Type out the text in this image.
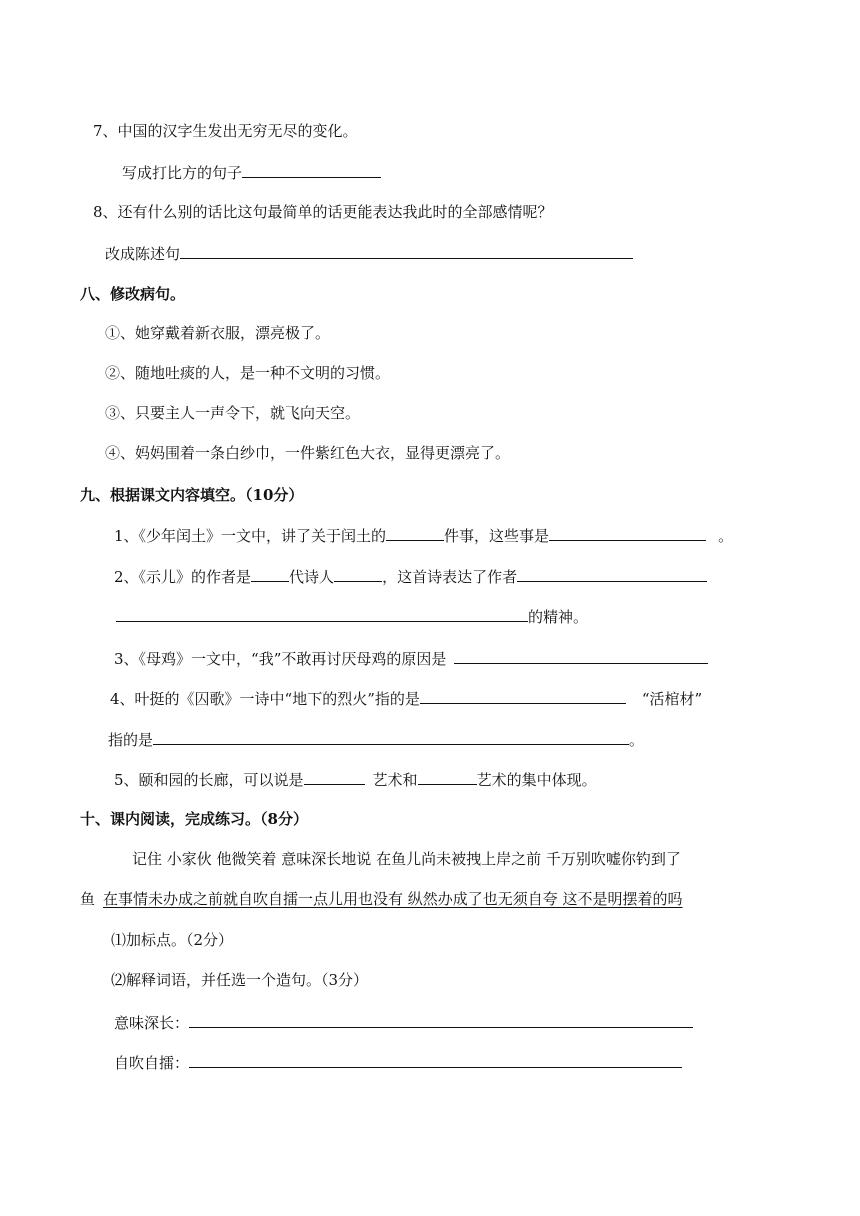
7、中国的汉字生发出无穷无尽的变化。
写成打比方的句子
8、还有什么别的话比这句最简单的话更能表达我此时的全部感情呢？
改成陈述句
八、修改病句。
①、她穿戴着新衣服，漂亮极了。
②、随地吐痰的人，是一种不文明的习惯。
③、只要主人一声令下，就飞向天空。
④、妈妈围着一条白纱巾，一件紫红色大衣，显得更漂亮了。
九、根据课文内容填空。（10分）
1、《少年闰土》一文中，讲了关于闰土的	件事，这些事是	。
2、《示儿》的作者是	代诗人	，这首诗表达了作者
的精神。
3、《母鸡》一文中，“我”不敢再讨厌母鸡的原因是
4、叶挺的《囚歌》一诗中“地下的烈火”指的是	“活棺材”
指的是	。
5、颐和园的长廊，可以说是	艺术和	艺术的集中体现。
十、课内阅读，完成练习。（8分）
记住 小家伙 他微笑着 意味深长地说 在鱼儿尚未被拽上岸之前 千万别吹嘘你钓到了
鱼 在事情未办成之前就自吹自擂一点儿用也没有 纵然办成了也无须自夸 这不是明摆着的吗
⑴加标点。（2分）
⑵解释词语，并任选一个造句。（3分）
意味深长：
自吹自擂：
